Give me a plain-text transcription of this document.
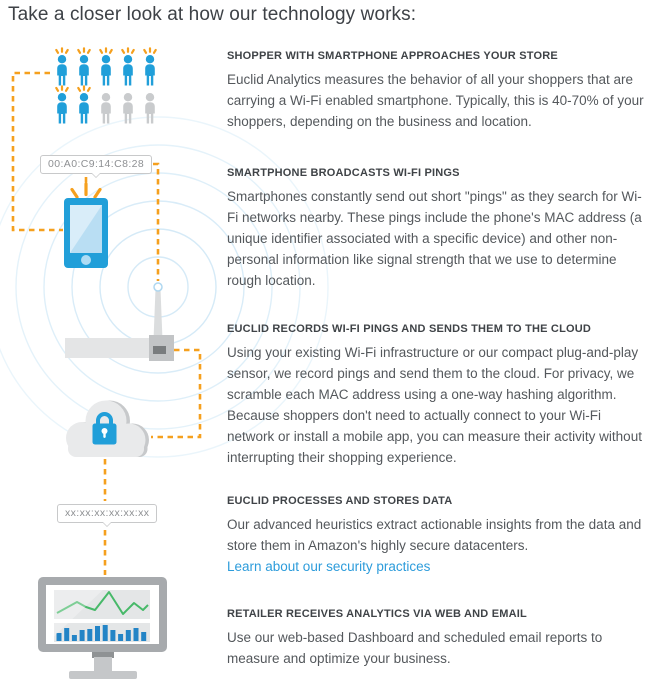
Take a closer look at how our technology works:
00:A0:C9:14:C8:28
xx:xx:xx:xx:xx:xx
SHOPPER WITH SMARTPHONE APPROACHES YOUR STORE

Euclid Analytics measures the behavior of all your shoppers that are carrying a Wi-Fi enabled smartphone. Typically, this is 40-70% of your shoppers, depending on the business and location.

SMARTPHONE BROADCASTS WI-FI PINGS

Smartphones constantly send out short "pings" as they search for Wi-Fi networks nearby. These pings include the phone's MAC address (a unique identifier associated with a specific device) and other non-personal information like signal strength that we use to determine rough location.

EUCLID RECORDS WI-FI PINGS AND SENDS THEM TO THE CLOUD

Using your existing Wi-Fi infrastructure or our compact plug-and-play sensor, we record pings and send them to the cloud. For privacy, we scramble each MAC address using a one-way hashing algorithm. Because shoppers don't need to actually connect to your Wi-Fi network or install a mobile app, you can measure their activity without interrupting their shopping experience.

EUCLID PROCESSES AND STORES DATA

Our advanced heuristics extract actionable insights from the data and store them in Amazon's highly secure datacenters.

Learn about our security practices
RETAILER RECEIVES ANALYTICS VIA WEB AND EMAIL

Use our web-based Dashboard and scheduled email reports to measure and optimize your business.
